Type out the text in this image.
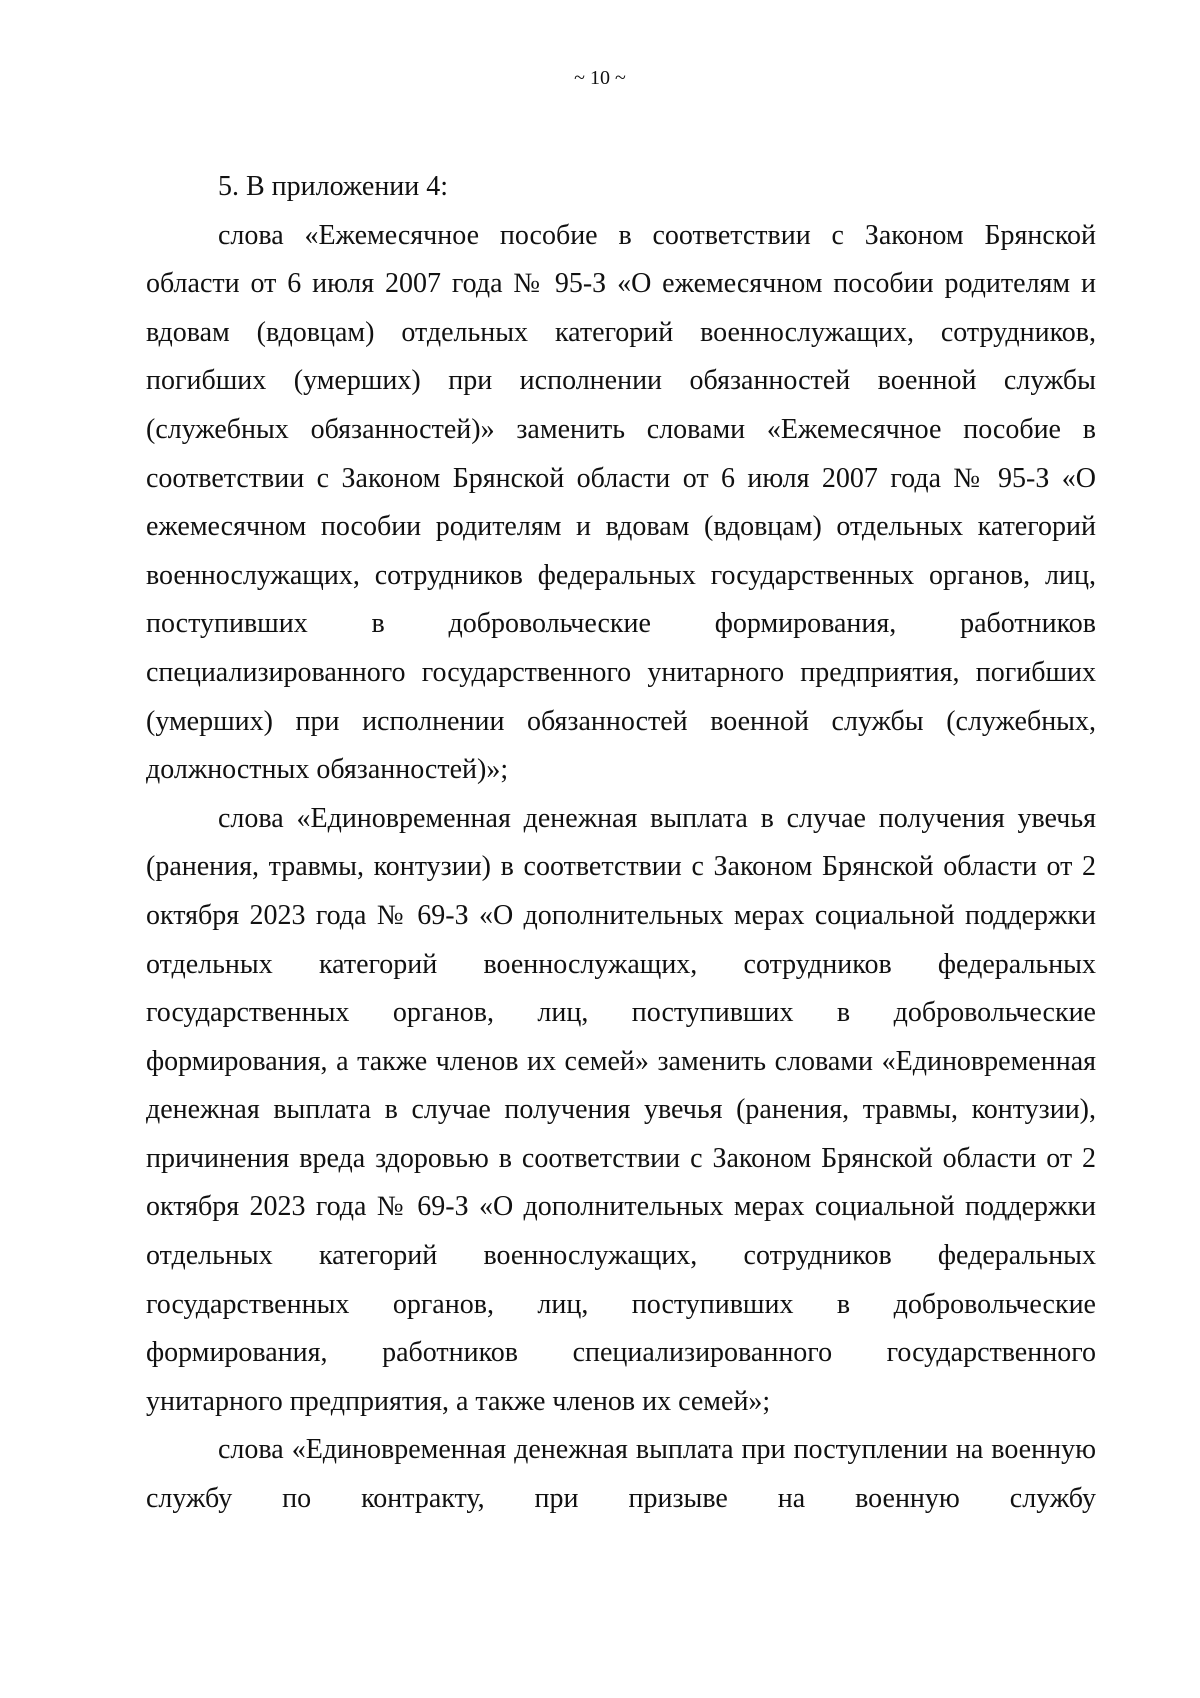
~ 10 ~

5. В приложении 4:

слова «Ежемесячное пособие в соответствии с Законом Брянской области от 6 июля 2007 года № 95-З «О ежемесячном пособии родителям и вдовам (вдовцам) отдельных категорий военнослужащих, сотрудников, погибших (умерших) при исполнении обязанностей военной службы (служебных обязанностей)» заменить словами «Ежемесячное пособие в соответствии с Законом Брянской области от 6 июля 2007 года № 95-З «О ежемесячном пособии родителям и вдовам (вдовцам) отдельных категорий военнослужащих, сотрудников федеральных государственных органов, лиц, поступивших в добровольческие формирования, работников специализированного государственного унитарного предприятия, погибших (умерших) при исполнении обязанностей военной службы (служебных, должностных обязанностей)»;

слова «Единовременная денежная выплата в случае получения увечья (ранения, травмы, контузии) в соответствии с Законом Брянской области от 2 октября 2023 года № 69-З «О дополнительных мерах социальной поддержки отдельных категорий военнослужащих, сотрудников федеральных государственных органов, лиц, поступивших в добровольческие формирования, а также членов их семей» заменить словами «Единовременная денежная выплата в случае получения увечья (ранения, травмы, контузии), причинения вреда здоровью в соответствии с Законом Брянской области от 2 октября 2023 года № 69-З «О дополнительных мерах социальной поддержки отдельных категорий военнослужащих, сотрудников федеральных государственных органов, лиц, поступивших в добровольческие формирования, работников специализированного государственного унитарного предприятия, а также членов их семей»;

слова «Единовременная денежная выплата при поступлении на военную службу по контракту, при призыве на военную службу
